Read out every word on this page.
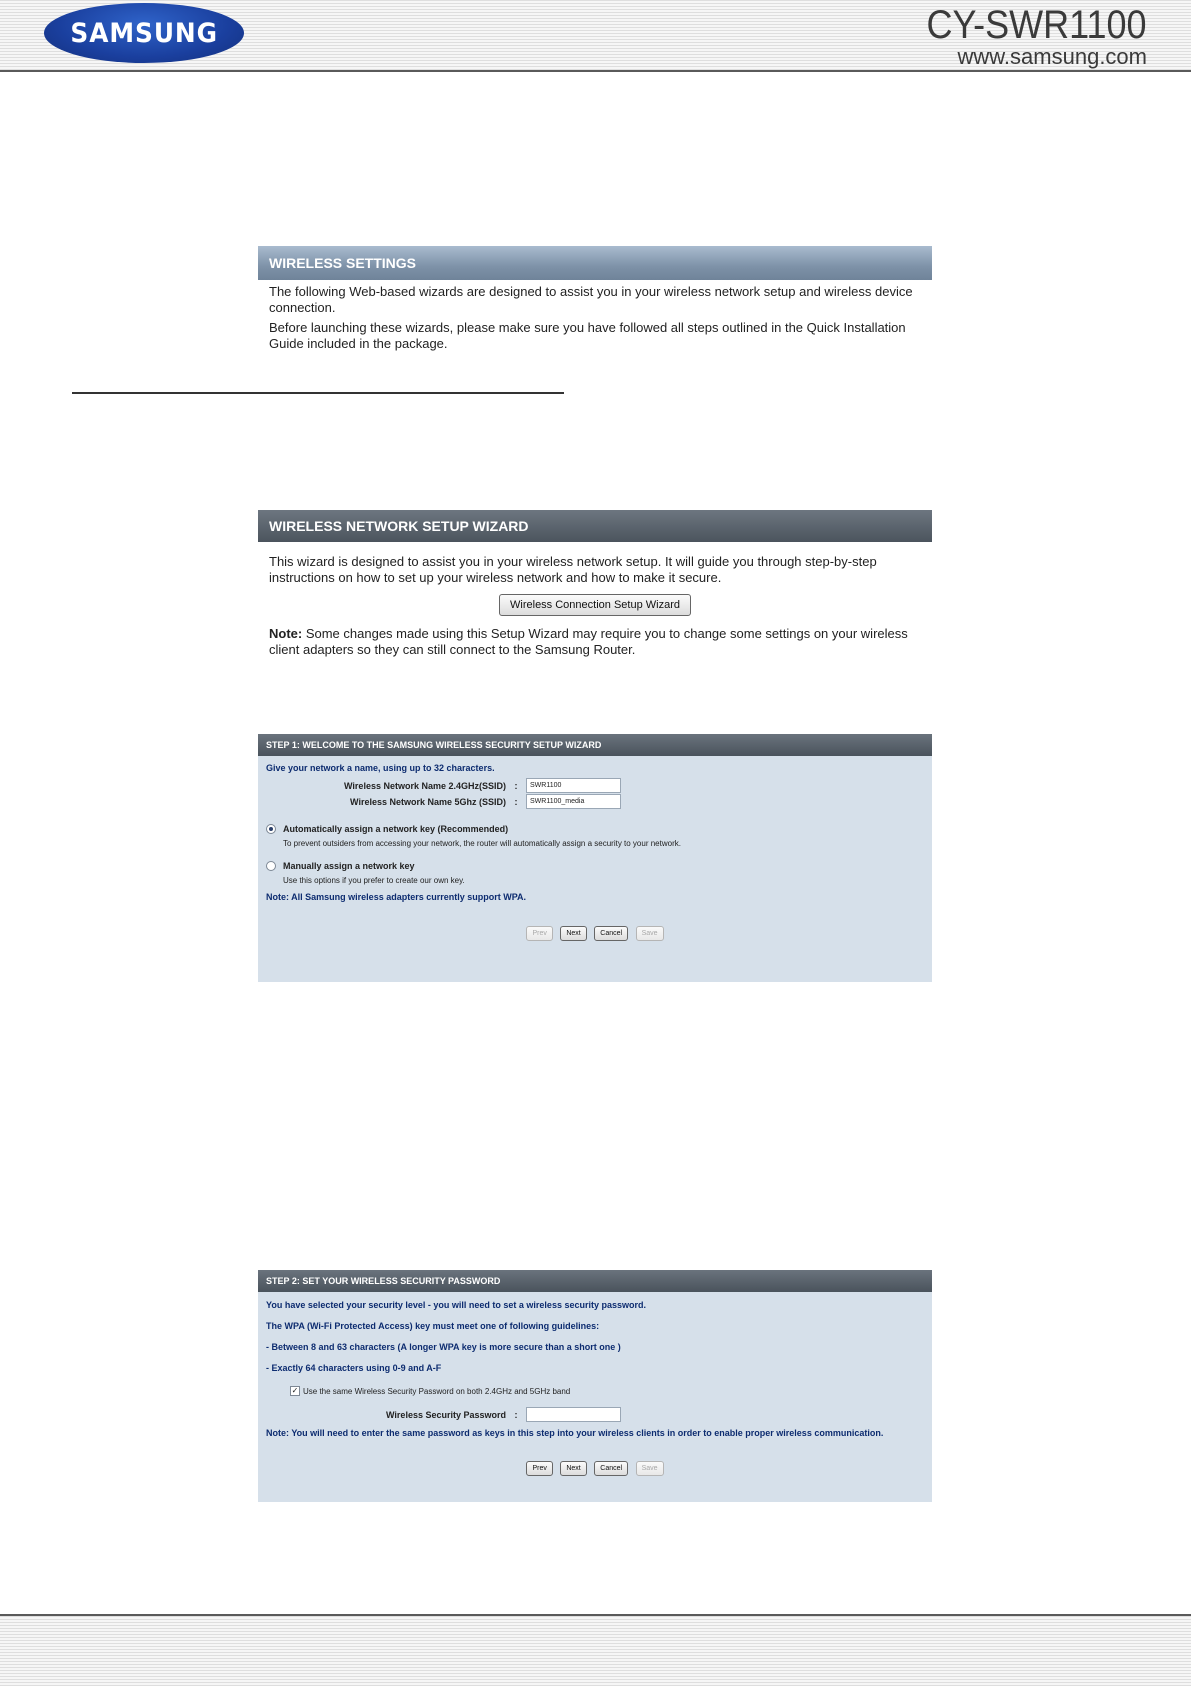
SAMSUNG	CY-SWR1100
www.samsung.com
WIRELESS SETTINGS

The following Web-based wizards are designed to assist you in your wireless network setup and wireless device connection.

Before launching these wizards, please make sure you have followed all steps outlined in the Quick Installation Guide included in the package.

WIRELESS NETWORK SETUP WIZARD

This wizard is designed to assist you in your wireless network setup. It will guide you through step-by-step instructions on how to set up your wireless network and how to make it secure.

Wireless Connection Setup Wizard

Note: Some changes made using this Setup Wizard may require you to change some settings on your wireless client adapters so they can still connect to the Samsung Router.

STEP 1: WELCOME TO THE SAMSUNG WIRELESS SECURITY SETUP WIZARD
Give your network a name, using up to 32 characters.
Wireless Network Name 2.4GHz(SSID) :	SWR1100
Wireless Network Name 5Ghz (SSID) :	SWR1100_media
Automatically assign a network key (Recommended)
To prevent outsiders from accessing your network, the router will automatically assign a security to your network.
Manually assign a network key
Use this options if you prefer to create our own key.
Note: All Samsung wireless adapters currently support WPA.
Prev	Next	Cancel	Save
STEP 2: SET YOUR WIRELESS SECURITY PASSWORD
You have selected your security level - you will need to set a wireless security password.
The WPA (Wi-Fi Protected Access) key must meet one of following guidelines:
- Between 8 and 63 characters (A longer WPA key is more secure than a short one )
- Exactly 64 characters using 0-9 and A-F
✓ Use the same Wireless Security Password on both 2.4GHz and 5GHz band
Wireless Security Password :
Note: You will need to enter the same password as keys in this step into your wireless clients in order to enable proper wireless communication.
Prev	Next	Cancel	Save
